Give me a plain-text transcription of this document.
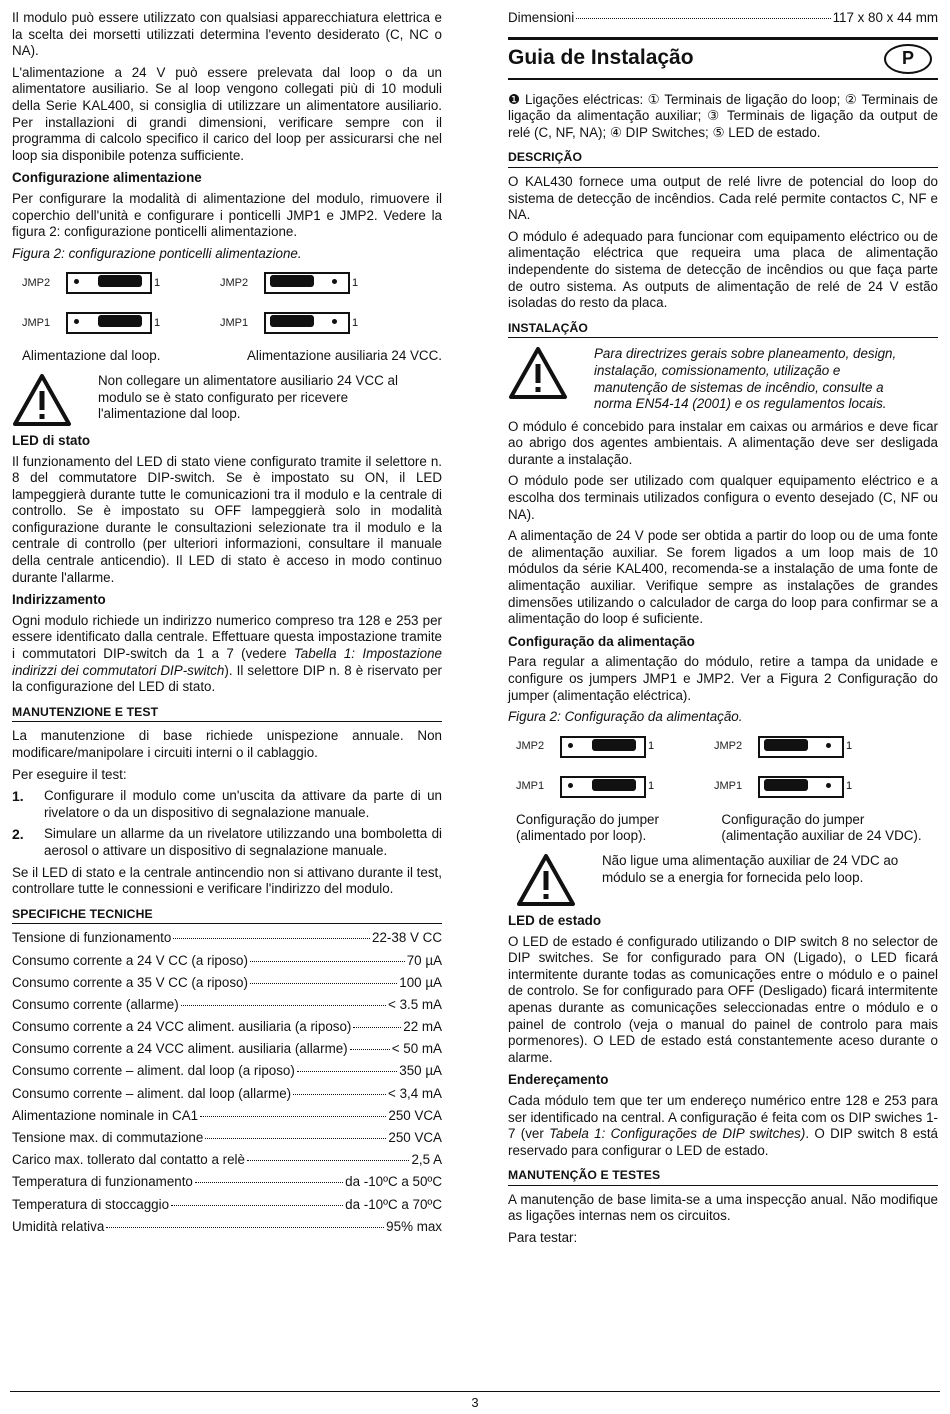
Il modulo può essere utilizzato con qualsiasi apparecchiatura elettrica e la scelta dei morsetti utilizzati determina l'evento desiderato (C, NC o NA).

L'alimentazione a 24 V può essere prelevata dal loop o da un alimentatore ausiliario. Se al loop vengono collegati più di 10 moduli della Serie KAL400, si consiglia di utilizzare un alimentatore ausiliario. Per installazioni di grandi dimensioni, verificare sempre con il programma di calcolo specifico il carico del loop per assicurarsi che nel loop sia disponibile potenza sufficiente.

Configurazione alimentazione

Per configurare la modalità di alimentazione del modulo, rimuovere il coperchio dell'unità e configurare i ponticelli JMP1 e JMP2. Vedere la figura 2: configurazione ponticelli alimentazione.

Figura 2: configurazione ponticelli alimentazione.
JMP2	1
JMP1	1
JMP2	1
JMP1	1
Alimentazione dal loop.	Alimentazione ausiliaria 24 VCC.
Non collegare un alimentatore ausiliario 24 VCC al modulo se è stato configurato per ricevere l'alimentazione dal loop.
LED di stato

Il funzionamento del LED di stato viene configurato tramite il selettore n. 8 del commutatore DIP-switch. Se è impostato su ON, il LED lampeggierà durante tutte le comunicazioni tra il modulo e la centrale di controllo. Se è impostato su OFF lampeggierà solo in modalità configurazione durante le consultazioni selezionate tra il modulo e la centrale di controllo (per ulteriori informazioni, consultare il manuale della centrale anticendio). Il LED di stato è acceso in modo continuo durante l'allarme.

Indirizzamento

Ogni modulo richiede un indirizzo numerico compreso tra 128 e 253 per essere identificato dalla centrale. Effettuare questa impostazione tramite i commutatori DIP-switch da 1 a 7 (vedere Tabella 1: Impostazione indirizzi dei commutatori DIP-switch). Il selettore DIP n. 8 è riservato per la configurazione del LED di stato.

MANUTENZIONE E TEST

La manutenzione di base richiede unispezione annuale. Non modificare/manipolare i circuiti interni o il cablaggio.

Per eseguire il test:

1.	Configurare il modulo come un'uscita da attivare da parte di un rivelatore o da un dispositivo di segnalazione manuale.
2.	Simulare un allarme da un rivelatore utilizzando una bomboletta di aerosol o attivare un dispositivo di segnalazione manuale.

Se il LED di stato e la centrale antincendio non si attivano durante il test, controllare tutte le connessioni e verificare l'indirizzo del modulo.

SPECIFICHE TECNICHE
Tensione di funzionamento	22-38 V CC
Consumo corrente a 24 V CC (a riposo)	70 µA
Consumo corrente a 35 V CC (a riposo)	100 µA
Consumo corrente (allarme)	< 3.5 mA
Consumo corrente a 24 VCC aliment. ausiliaria (a riposo)	22 mA
Consumo corrente a 24 VCC aliment. ausiliaria (allarme)	< 50 mA
Consumo corrente – aliment. dal loop (a riposo)	350 µA
Consumo corrente – aliment. dal loop (allarme)	< 3,4 mA
Alimentazione nominale in CA1	250 VCA
Tensione max. di commutazione	250 VCA
Carico max. tollerato dal contatto a relè	2,5 A
Temperatura di funzionamento	da -10ºC a 50ºC
Temperatura di stoccaggio	da -10ºC a 70ºC
Umidità relativa	95% max
Dimensioni	117 x 80 x 44 mm
Guia de Instalação	P

❶ Ligações eléctricas: ① Terminais de ligação do loop; ② Terminais de ligação da alimentação auxiliar; ③ Terminais de ligação da output de relé (C, NF, NA); ④ DIP Switches; ⑤ LED de estado.

DESCRIÇÃO

O KAL430 fornece uma output de relé livre de potencial do loop do sistema de detecção de incêndios. Cada relé permite contactos C, NF e NA.

O módulo é adequado para funcionar com equipamento eléctrico ou de alimentação eléctrica que requeira uma placa de alimentação independente do sistema de detecção de incêndios ou que faça parte de outro sistema. As outputs de alimentação de relé de 24 V estão isoladas do resto da placa.

INSTALAÇÃO
Para directrizes gerais sobre planeamento, design, instalação, comissionamento, utilização e manutenção de sistemas de incêndio, consulte a norma EN54-14 (2001) e os regulamentos locais.

O módulo é concebido para instalar em caixas ou armários e deve ficar ao abrigo dos agentes ambientais. A alimentação deve ser desligada durante a instalação.

O módulo pode ser utilizado com qualquer equipamento eléctrico e a escolha dos terminais utilizados configura o evento desejado (C, NF ou NA).

A alimentação de 24 V pode ser obtida a partir do loop ou de uma fonte de alimentação auxiliar. Se forem ligados a um loop mais de 10 módulos da série KAL400, recomenda-se a instalação de uma fonte de alimentação auxiliar. Verifique sempre as instalações de grandes dimensões utilizando o calculador de carga do loop para confirmar se a alimentação do loop é suficiente.

Configuração da alimentação

Para regular a alimentação do módulo, retire a tampa da unidade e configure os jumpers JMP1 e JMP2. Ver a Figura 2 Configuração do jumper (alimentação eléctrica).

Figura 2: Configuração da alimentação.
JMP2	1
JMP1	1
JMP2	1
JMP1	1
Configuração do jumper (alimentado por loop).
Configuração do jumper (alimentação auxiliar de 24 VDC).
Não ligue uma alimentação auxiliar de 24 VDC ao módulo se a energia for fornecida pelo loop.
LED de estado

O LED de estado é configurado utilizando o DIP switch 8 no selector de DIP switches. Se for configurado para ON (Ligado), o LED ficará intermitente durante todas as comunicações entre o módulo e o painel de controlo. Se for configurado para OFF (Desligado) ficará intermitente apenas durante as comunicações seleccionadas entre o módulo e o painel de controlo (veja o manual do painel de controlo para mais pormenores). O LED de estado está constantemente aceso durante o alarme.

Endereçamento

Cada módulo tem que ter um endereço numérico entre 128 e 253 para ser identificado na central. A configuração é feita com os DIP swiches 1-7 (ver Tabela 1: Configurações de DIP switches). O DIP switch 8 está reservado para configurar o LED de estado.

MANUTENÇÃO E TESTES

A manutenção de base limita-se a uma inspecção anual. Não modifique as ligações internas nem os circuitos.

Para testar:

3
